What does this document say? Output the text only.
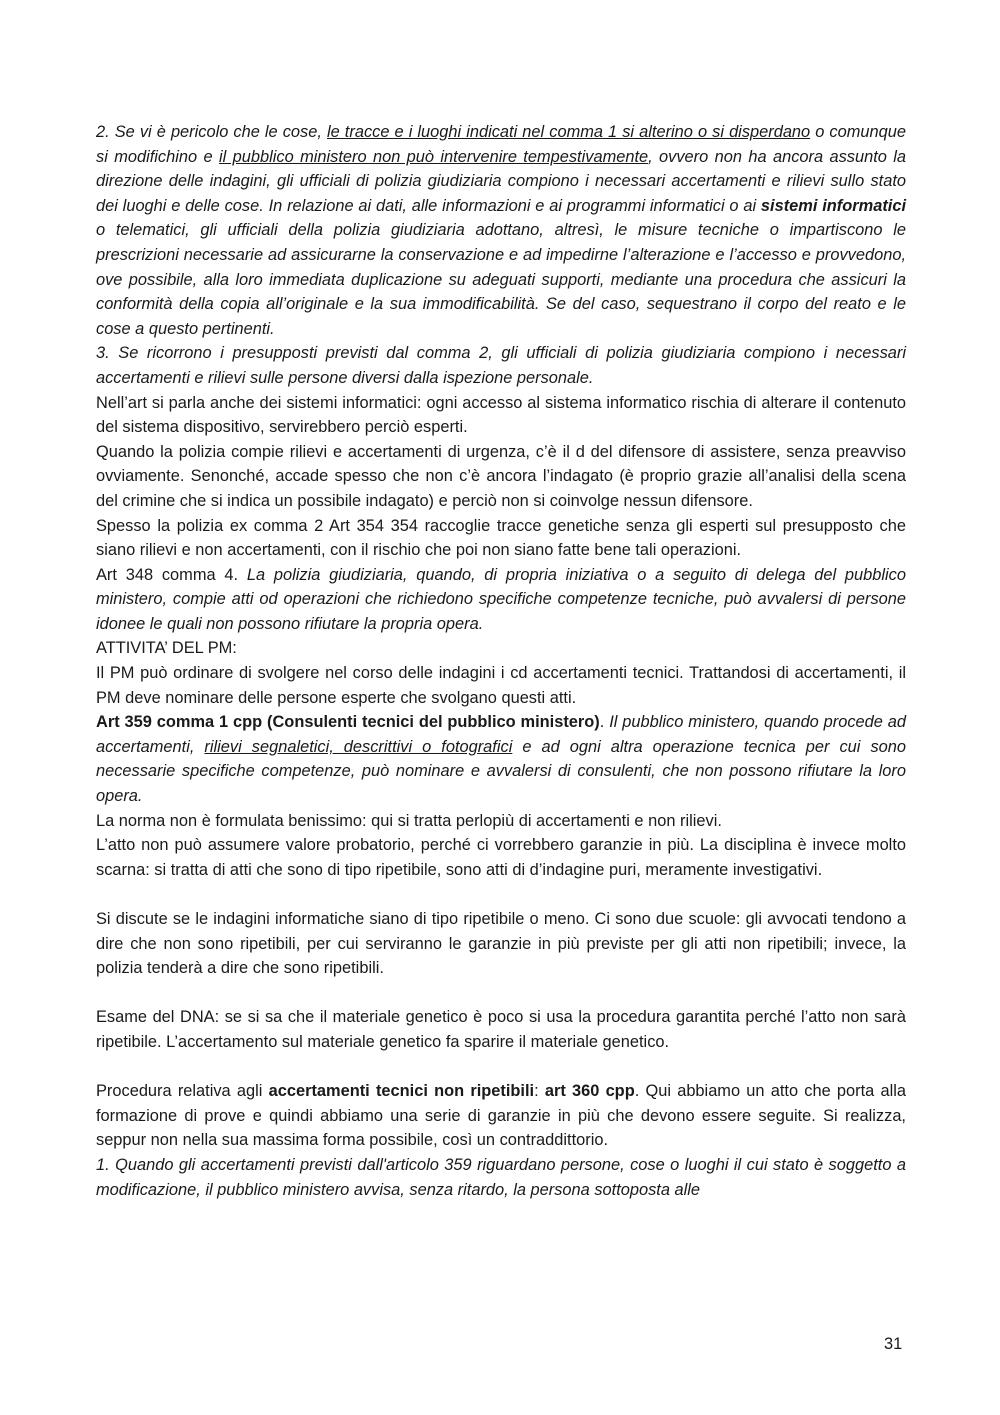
2. Se vi è pericolo che le cose, le tracce e i luoghi indicati nel comma 1 si alterino o si disperdano o comunque si modifichino e il pubblico ministero non può intervenire tempestivamente, ovvero non ha ancora assunto la direzione delle indagini, gli ufficiali di polizia giudiziaria compiono i necessari accertamenti e rilievi sullo stato dei luoghi e delle cose. In relazione ai dati, alle informazioni e ai programmi informatici o ai sistemi informatici o telematici, gli ufficiali della polizia giudiziaria adottano, altresì, le misure tecniche o impartiscono le prescrizioni necessarie ad assicurarne la conservazione e ad impedirne l’alterazione e l’accesso e provvedono, ove possibile, alla loro immediata duplicazione su adeguati supporti, mediante una procedura che assicuri la conformità della copia all’originale e la sua immodificabilità. Se del caso, sequestrano il corpo del reato e le cose a questo pertinenti.

3. Se ricorrono i presupposti previsti dal comma 2, gli ufficiali di polizia giudiziaria compiono i necessari accertamenti e rilievi sulle persone diversi dalla ispezione personale.

Nell’art si parla anche dei sistemi informatici: ogni accesso al sistema informatico rischia di alterare il contenuto del sistema dispositivo, servirebbero perciò esperti.

Quando la polizia compie rilievi e accertamenti di urgenza, c’è il d del difensore di assistere, senza preavviso ovviamente. Senonché, accade spesso che non c’è ancora l’indagato (è proprio grazie all’analisi della scena del crimine che si indica un possibile indagato) e perciò non si coinvolge nessun difensore.

Spesso la polizia ex comma 2 Art 354 354 raccoglie tracce genetiche senza gli esperti sul presupposto che siano rilievi e non accertamenti, con il rischio che poi non siano fatte bene tali operazioni.

Art 348 comma 4. La polizia giudiziaria, quando, di propria iniziativa o a seguito di delega del pubblico ministero, compie atti od operazioni che richiedono specifiche competenze tecniche, può avvalersi di persone idonee le quali non possono rifiutare la propria opera.

ATTIVITA’ DEL PM:

Il PM può ordinare di svolgere nel corso delle indagini i cd accertamenti tecnici. Trattandosi di accertamenti, il PM deve nominare delle persone esperte che svolgano questi atti.

Art 359 comma 1 cpp (Consulenti tecnici del pubblico ministero). Il pubblico ministero, quando procede ad accertamenti, rilievi segnaletici, descrittivi o fotografici e ad ogni altra operazione tecnica per cui sono necessarie specifiche competenze, può nominare e avvalersi di consulenti, che non possono rifiutare la loro opera.

La norma non è formulata benissimo: qui si tratta perlopiù di accertamenti e non rilievi.

L’atto non può assumere valore probatorio, perché ci vorrebbero garanzie in più. La disciplina è invece molto scarna: si tratta di atti che sono di tipo ripetibile, sono atti di d’indagine puri, meramente investigativi.

Si discute se le indagini informatiche siano di tipo ripetibile o meno. Ci sono due scuole: gli avvocati tendono a dire che non sono ripetibili, per cui serviranno le garanzie in più previste per gli atti non ripetibili; invece, la polizia tenderà a dire che sono ripetibili.

Esame del DNA: se si sa che il materiale genetico è poco si usa la procedura garantita perché l’atto non sarà ripetibile. L’accertamento sul materiale genetico fa sparire il materiale genetico.

Procedura relativa agli accertamenti tecnici non ripetibili: art 360 cpp. Qui abbiamo un atto che porta alla formazione di prove e quindi abbiamo una serie di garanzie in più che devono essere seguite. Si realizza, seppur non nella sua massima forma possibile, così un contraddittorio.

1. Quando gli accertamenti previsti dall'articolo 359 riguardano persone, cose o luoghi il cui stato è soggetto a modificazione, il pubblico ministero avvisa, senza ritardo, la persona sottoposta alle

31
